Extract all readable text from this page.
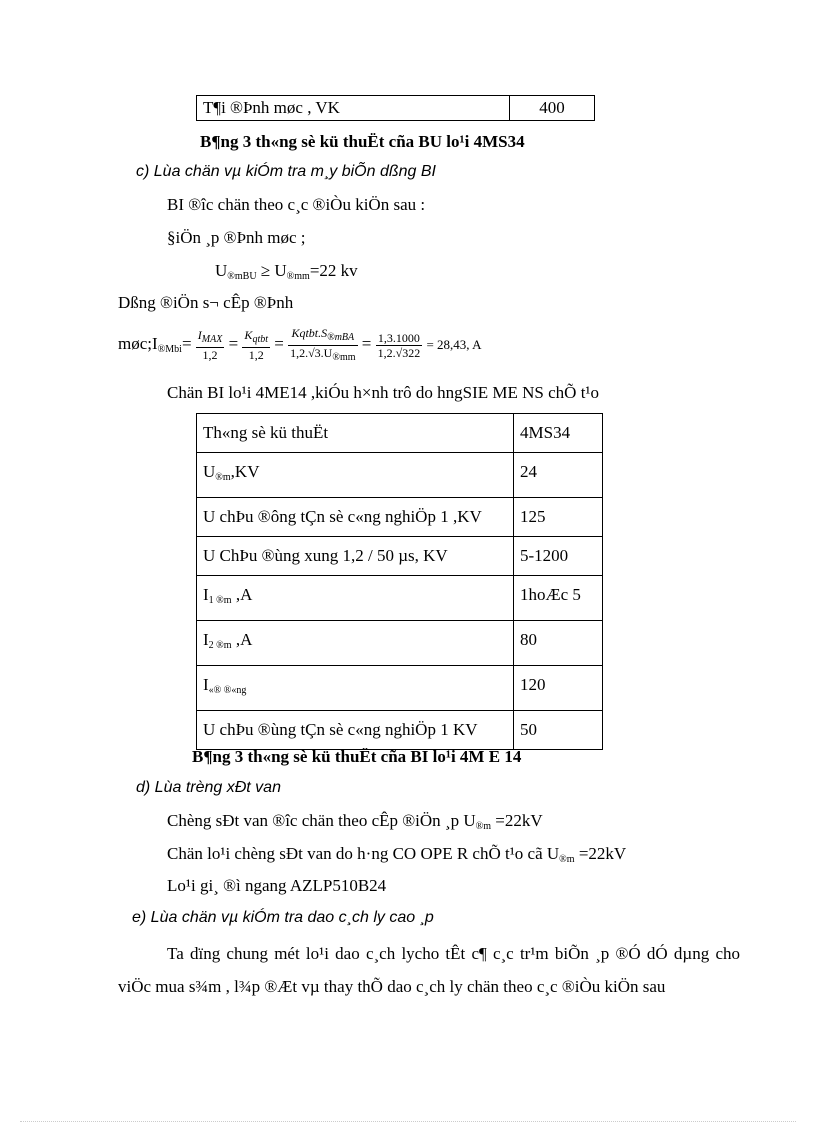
T¶i ®Þnh møc , VK	400
B¶ng 3 th«ng sè kü thuËt cña BU lo¹i 4MS34
c) Lùa chän vµ kiÓm tra m¸y biÕn dßng BI
BI ®îc chän theo c¸c ®iÒu kiÖn sau :
§iÖn ¸p ®Þnh møc ;
$U_{®mBU} \ge U_{®mm}=22$ kv
Dßng ®iÖn s¬ cÊp ®Þnh
$møc;I_{®Mbi}= \frac{I_{MAX}}{1,2} = \frac{K_{qtbt}}{1,2} = \frac{Kqtbt.S_{®mBA}}{1,2.√3.U_{®mm}} = \frac{1,3.1000}{1,2.√322} = 28,43$, A
Chän BI lo¹i 4ME14 ,kiÓu h×nh trô do hngSIE ME NS chÕ t¹o
Th«ng sè kü thuËt	4MS34
$U_{®m},KV$	24
U chÞu ®ông tÇn sè c«ng nghiÖp 1 ,KV	125
U ChÞu ®ùng xung 1,2 / 50 µs, KV	5-1200
$I_{1 ®m}$ ,A	1hoÆc 5
$I_{2 ®m}$ ,A	80
$I_{«® ®«ng}$	120
U chÞu ®ùng tÇn sè c«ng nghiÖp 1 KV	50
B¶ng 3 th«ng sè kü thuËt cña BI lo¹i 4M E 14
d) Lùa trèng xÐt van
Chèng sÐt van ®îc chän theo cÊp ®iÖn ¸p $U_{®m} =22kV$
Chän lo¹i chèng sÐt van do h·ng CO OPE R chÕ t¹o cã $U_{®m} =22kV$
Lo¹i gi¸ ®ì ngang AZLP510B24
e) Lùa chän vµ kiÓm tra dao c¸ch ly cao ¸p
Ta dïng chung mét lo¹i dao c¸ch lycho tÊt c¶ c¸c tr¹m biÕn ¸p ®Ó dÓ dµng cho viÖc mua s¾m , l¾p ®Æt vµ thay thÕ dao c¸ch ly chän theo c¸c ®iÒu kiÖn sau
